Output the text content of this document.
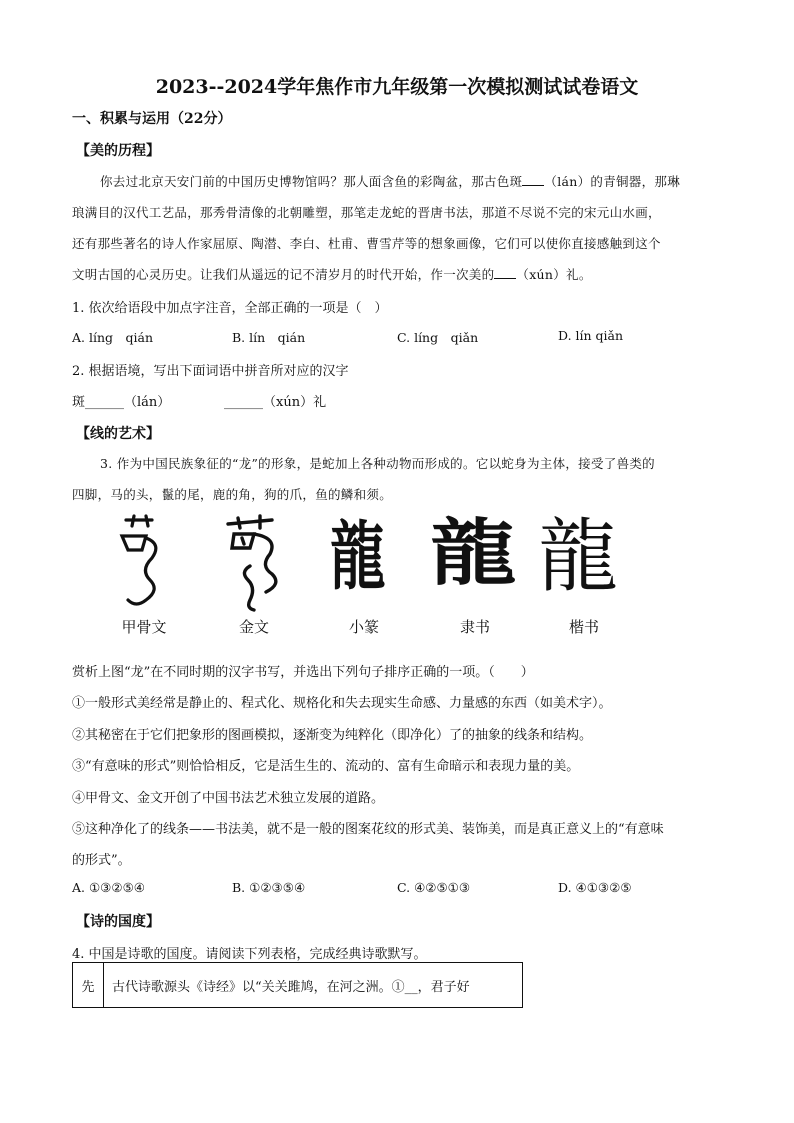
2023--2024学年焦作市九年级第一次模拟测试试卷语文
一、积累与运用（22分）
【美的历程】
你去过北京天安门前的中国历史博物馆吗？那人面含鱼的彩陶盆，那古色斑 （lán）的青铜器，那琳
琅满目的汉代工艺品，那秀骨清像的北朝雕塑，那笔走龙蛇的晋唐书法，那道不尽说不完的宋元山水画，
还有那些著名的诗人作家屈原、陶潜、李白、杜甫、曹雪芹等的想象画像，它们可以使你直接感触到这个
文明古国的心灵历史。让我们从遥远的记不清岁月的时代开始，作一次美的 （xún）礼。
1. 依次给语段中加点字注音，全部正确的一项是（　）
A. líng　qián	B. lín　qián	C. líng　qiǎn	D. lín qiǎn
2. 根据语境，写出下面词语中拼音所对应的汉字
斑______（lán）	______（xún）礼
【线的艺术】
3. 作为中国民族象征的“龙”的形象，是蛇加上各种动物而形成的。它以蛇身为主体，接受了兽类的
四脚，马的头，鬣的尾，鹿的角，狗的爪，鱼的鳞和须。
龍 龍 龍
甲骨文	金文	小篆	隶书	楷书
赏析上图“龙”在不同时期的汉字书写，并选出下列句子排序正确的一项。（　　）
①一般形式美经常是静止的、程式化、规格化和失去现实生命感、力量感的东西（如美术字）。
②其秘密在于它们把象形的图画模拟，逐渐变为纯粹化（即净化）了的抽象的线条和结构。
③“有意味的形式”则恰恰相反，它是活生生的、流动的、富有生命暗示和表现力量的美。
④甲骨文、金文开创了中国书法艺术独立发展的道路。
⑤这种净化了的线条——书法美，就不是一般的图案花纹的形式美、装饰美，而是真正意义上的“有意味
的形式”。
A. ①③②⑤④	B. ①②③⑤④	C. ④②⑤①③	D. ④①③②⑤
【诗的国度】
4. 中国是诗歌的国度。请阅读下列表格，完成经典诗歌默写。
先	古代诗歌源头《诗经》以“关关雎鸠，在河之洲。①__，君子好
